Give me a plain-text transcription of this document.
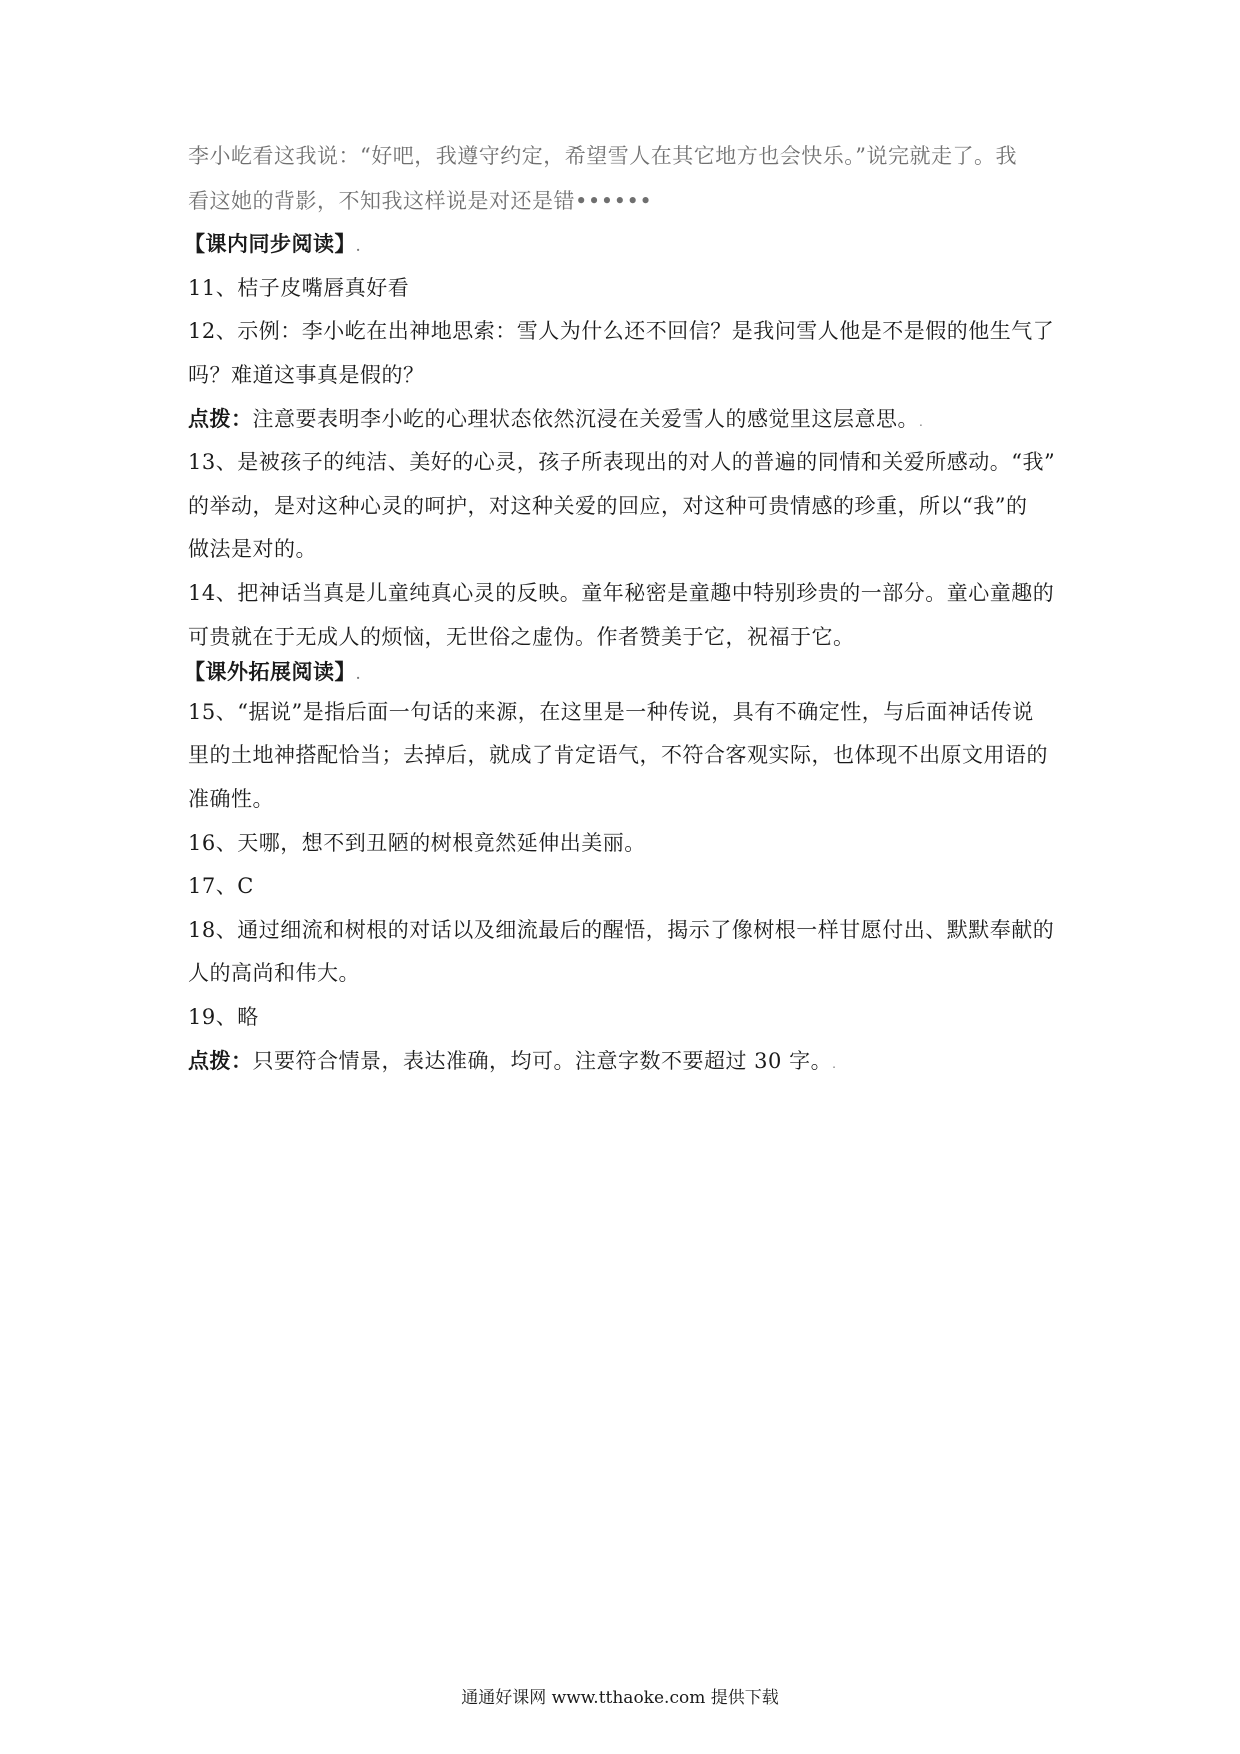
李小屹看这我说：“好吧，我遵守约定，希望雪人在其它地方也会快乐。”说完就走了。我
看这她的背影，不知我这样说是对还是错••••••
【课内同步阅读】.
11、桔子皮嘴唇真好看
12、示例：李小屹在出神地思索：雪人为什么还不回信？是我问雪人他是不是假的他生气了
吗？难道这事真是假的？
点拨：注意要表明李小屹的心理状态依然沉浸在关爱雪人的感觉里这层意思。.
13、是被孩子的纯洁、美好的心灵，孩子所表现出的对人的普遍的同情和关爱所感动。“我”
的举动，是对这种心灵的呵护，对这种关爱的回应，对这种可贵情感的珍重，所以“我”的
做法是对的。
14、把神话当真是儿童纯真心灵的反映。童年秘密是童趣中特别珍贵的一部分。童心童趣的
可贵就在于无成人的烦恼，无世俗之虚伪。作者赞美于它，祝福于它。
【课外拓展阅读】.
15、“据说”是指后面一句话的来源，在这里是一种传说，具有不确定性，与后面神话传说
里的土地神搭配恰当；去掉后，就成了肯定语气，不符合客观实际，也体现不出原文用语的
准确性。
16、天哪，想不到丑陋的树根竟然延伸出美丽。
17、C
18、通过细流和树根的对话以及细流最后的醒悟，揭示了像树根一样甘愿付出、默默奉献的
人的高尚和伟大。
19、略
点拨：只要符合情景，表达准确，均可。注意字数不要超过 30 字。.
通通好课网 www.tthaoke.com 提供下载
